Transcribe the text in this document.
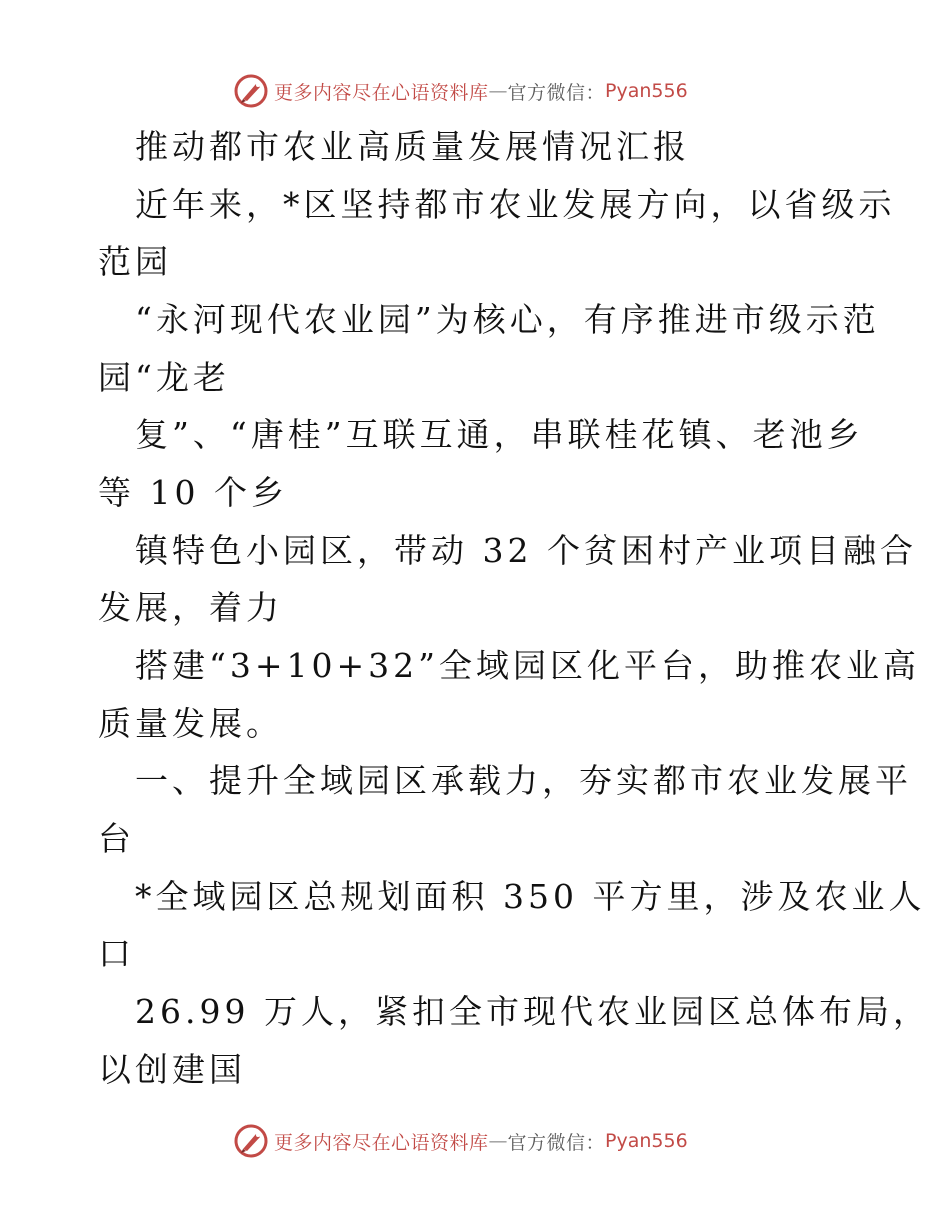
更多内容尽在心语资料库 — 官方微信： Pyan556
推动都市农业高质量发展情况汇报
近年来，*区坚持都市农业发展方向，以省级示
范园
“永河现代农业园”为核心，有序推进市级示范
园“龙老
复”、“唐桂”互联互通，串联桂花镇、老池乡
等 10 个乡
镇特色小园区，带动 32 个贫困村产业项目融合
发展，着力
搭建“3+10+32”全域园区化平台，助推农业高
质量发展。
一、提升全域园区承载力，夯实都市农业发展平
台
*全域园区总规划面积 350 平方里，涉及农业人
口
26.99 万人，紧扣全市现代农业园区总体布局，
以创建国
更多内容尽在心语资料库 — 官方微信： Pyan556
